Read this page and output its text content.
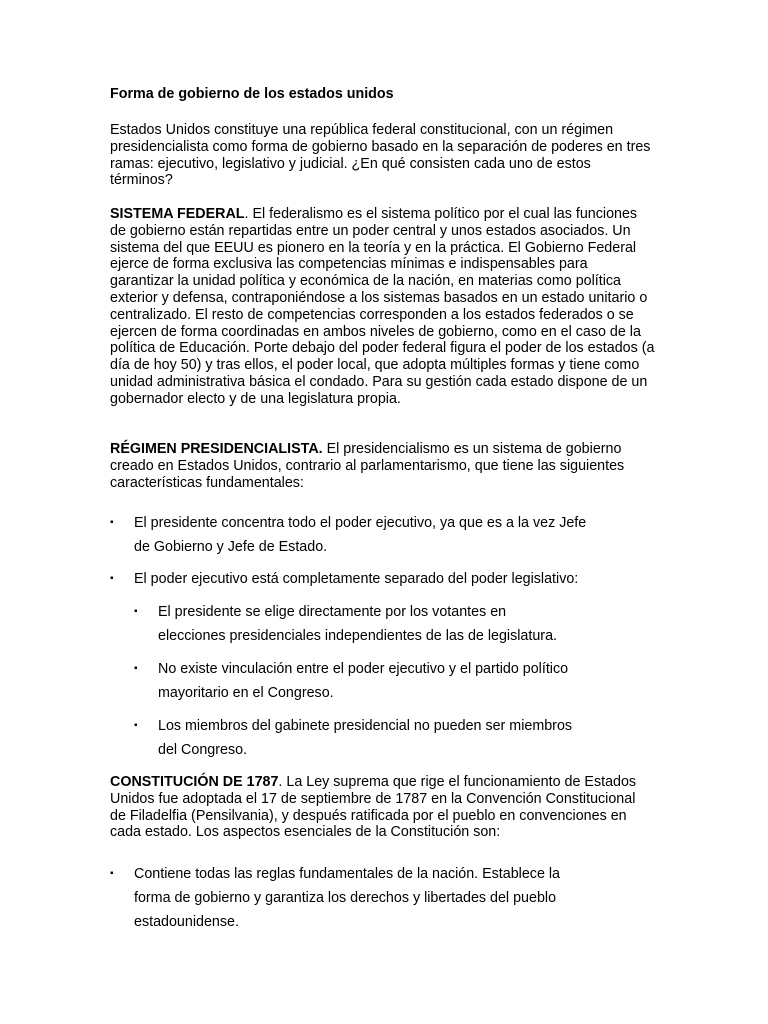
Forma de gobierno de los estados unidos

Estados Unidos constituye una república federal constitucional, con un régimen presidencialista como forma de gobierno basado en la separación de poderes en tres ramas: ejecutivo, legislativo y judicial. ¿En qué consisten cada uno de estos términos?

SISTEMA FEDERAL. El federalismo es el sistema político por el cual las funciones de gobierno están repartidas entre un poder central y unos estados asociados. Un sistema del que EEUU es pionero en la teoría y en la práctica. El Gobierno Federal ejerce de forma exclusiva las competencias mínimas e indispensables para garantizar la unidad política y económica de la nación, en materias como política exterior y defensa, contraponiéndose a los sistemas basados en un estado unitario o centralizado. El resto de competencias corresponden a los estados federados o se ejercen de forma coordinadas en ambos niveles de gobierno, como en el caso de la política de Educación. Porte debajo del poder federal figura el poder de los estados (a día de hoy 50) y tras ellos, el poder local, que adopta múltiples formas y tiene como unidad administrativa básica el condado. Para su gestión cada estado dispone de un gobernador electo y de una legislatura propia.

RÉGIMEN PRESIDENCIALISTA. El presidencialismo es un sistema de gobierno creado en Estados Unidos, contrario al parlamentarismo, que tiene las siguientes características fundamentales:

▪ El presidente concentra todo el poder ejecutivo, ya que es a la vez Jefe

de Gobierno y Jefe de Estado.

▪ El poder ejecutivo está completamente separado del poder legislativo:

▪ El presidente se elige directamente por los votantes en

elecciones presidenciales independientes de las de legislatura.

▪ No existe vinculación entre el poder ejecutivo y el partido político

mayoritario en el Congreso.

▪ Los miembros del gabinete presidencial no pueden ser miembros

del Congreso.

CONSTITUCIÓN DE 1787. La Ley suprema que rige el funcionamiento de Estados Unidos fue adoptada el 17 de septiembre de 1787 en la Convención Constitucional de Filadelfia (Pensilvania), y después ratificada por el pueblo en convenciones en cada estado. Los aspectos esenciales de la Constitución son:

▪ Contiene todas las reglas fundamentales de la nación. Establece la

forma de gobierno y garantiza los derechos y libertades del pueblo

estadounidense.
